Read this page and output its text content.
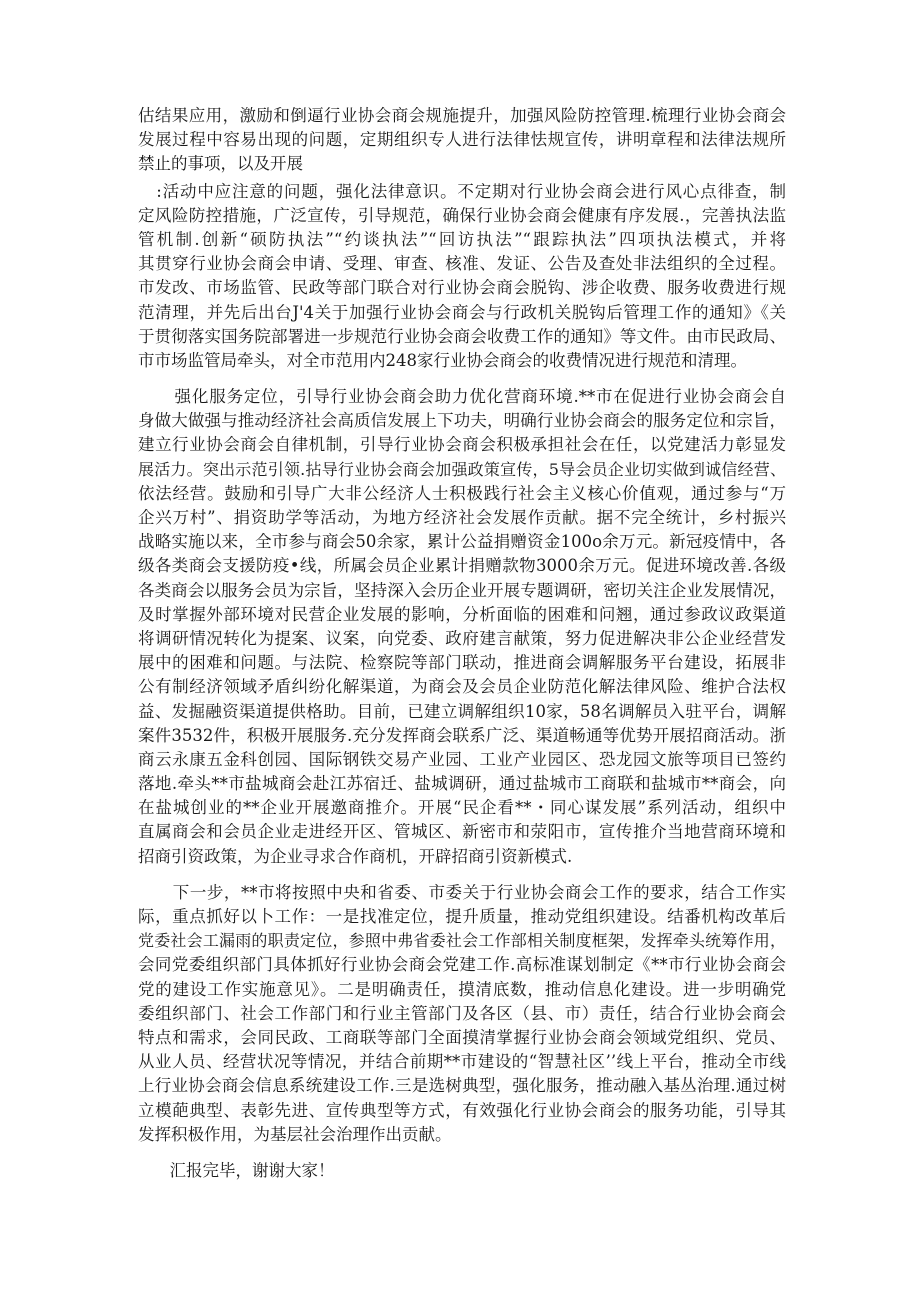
估结果应用，激励和倒逼行业协会商会规施提升，加强风险防控管理.梳理行业协会商会
发展过程中容易出现的问题，定期组织专人进行法律怯规宣传，讲明章程和法律法规所
禁止的事项，以及开展
:活动中应注意的问题，强化法律意识。不定期对行业协会商会进行风心点徘查，制
定风险防控措施，广泛宣传，引导规范，确保行业协会商会健康有序发展.，完善执法监
管机制.创新“硕防执法”“约谈执法”“回访执法”“跟踪执法”四项执法模式，并将
其贯穿行业协会商会申请、受理、审查、核准、发证、公告及查处非法组织的全过程。
市发改、市场监管、民政等部门联合对行业协会商会脱钩、涉企收费、服务收费进行规
范清理，并先后出台J'4关于加强行业协会商会与行政机关脱钩后管理工作的通知》《关
于贯彻落实国务院部署进一步规范行业协会商会收费工作的通知》等文件。由市民政局、
市市场监管局牵头，对全市范用内248家行业协会商会的收费情况进行规范和清理。
强化服务定位，引导行业协会商会助力优化营商环境.**市在促进行业协会商会自
身做大做强与推动经济社会高质信发展上下功夫，明确行业协会商会的服务定位和宗旨，
建立行业协会商会自律机制，引导行业协会商会积极承担社会在任，以党建活力彰显发
展活力。突出示范引领.拈导行业协会商会加强政策宣传，5导会员企业切实做到诚信经营、
依法经营。鼓励和引导广大非公经济人士积极践行社会主义核心价值观，通过参与“万
企兴万村”、捐资助学等活动，为地方经济社会发展作贡献。据不完全统计，乡村振兴
战略实施以来，全市参与商会50余家，累计公益捐赠资金100o余万元。新冠疫情中，各
级各类商会支援防疫•线，所属会员企业累计捐赠款物3000余万元。促进环境改善.各级
各类商会以服务会员为宗旨，坚持深入会历企业开展专题调研，密切关注企业发展情况，
及时掌握外部环境对民营企业发展的影响，分析面临的困难和问翘，通过参政议政渠道
将调研情况转化为提案、议案，向党委、政府建言献策，努力促进解决非公企业经营发
展中的困难和问题。与法院、检察院等部门联动，推进商会调解服务平台建设，拓展非
公有制经济领域矛盾纠纷化解渠道，为商会及会员企业防范化解法律风险、维护合法权
益、发掘融资渠道提供格助。目前，已建立调解组织10家，58名调解员入驻平台，调解
案件3532件，积极开展服务.充分发挥商会联系广泛、渠道畅通等优势开展招商活动。浙
商云永康五金科创园、国际钢铁交易产业园、工业产业园区、恐龙园文旅等项目已签约
落地.牵头**市盐城商会赴江苏宿迁、盐城调研，通过盐城市工商联和盐城市**商会，向
在盐城创业的**企业开展邀商推介。开展“民企看**・同心谋发展”系列活动，组织中
直属商会和会员企业走进经开区、管城区、新密市和荥阳市，宣传推介当地营商环境和
招商引资政策，为企业寻求合作商机，开辟招商引资新模式.
下一步，**市将按照中央和省委、市委关于行业协会商会工作的要求，结合工作实
际，重点抓好以卜工作：一是找准定位，提升质量，推动党组织建设。结番机构改革后
党委社会工漏雨的职责定位，参照中弗省委社会工作部相关制度框架，发挥牵头统筹作用，
会同党委组织部门具体抓好行业协会商会党建工作.高标准谋划制定《**市行业协会商会
党的建设工作实施意见》。二是明确责任，摸清底数，推动信息化建设。进一步明确党
委组织部门、社会工作部门和行业主管部门及各区（县、市）责任，结合行业协会商会
特点和需求，会同民政、工商联等部门全面摸清掌握行业协会商会领域党组织、党员、
从业人员、经营状况等情况，并结合前期**市建设的“智慧社区’’线上平台，推动全市线
上行业协会商会信息系统建设工作.三是选树典型，强化服务，推动融入基丛治理.通过树
立模葩典型、表彰先进、宣传典型等方式，有效强化行业协会商会的服务功能，引导其
发挥积极作用，为基层社会治理作出贡献。
汇报完毕，谢谢大家！
